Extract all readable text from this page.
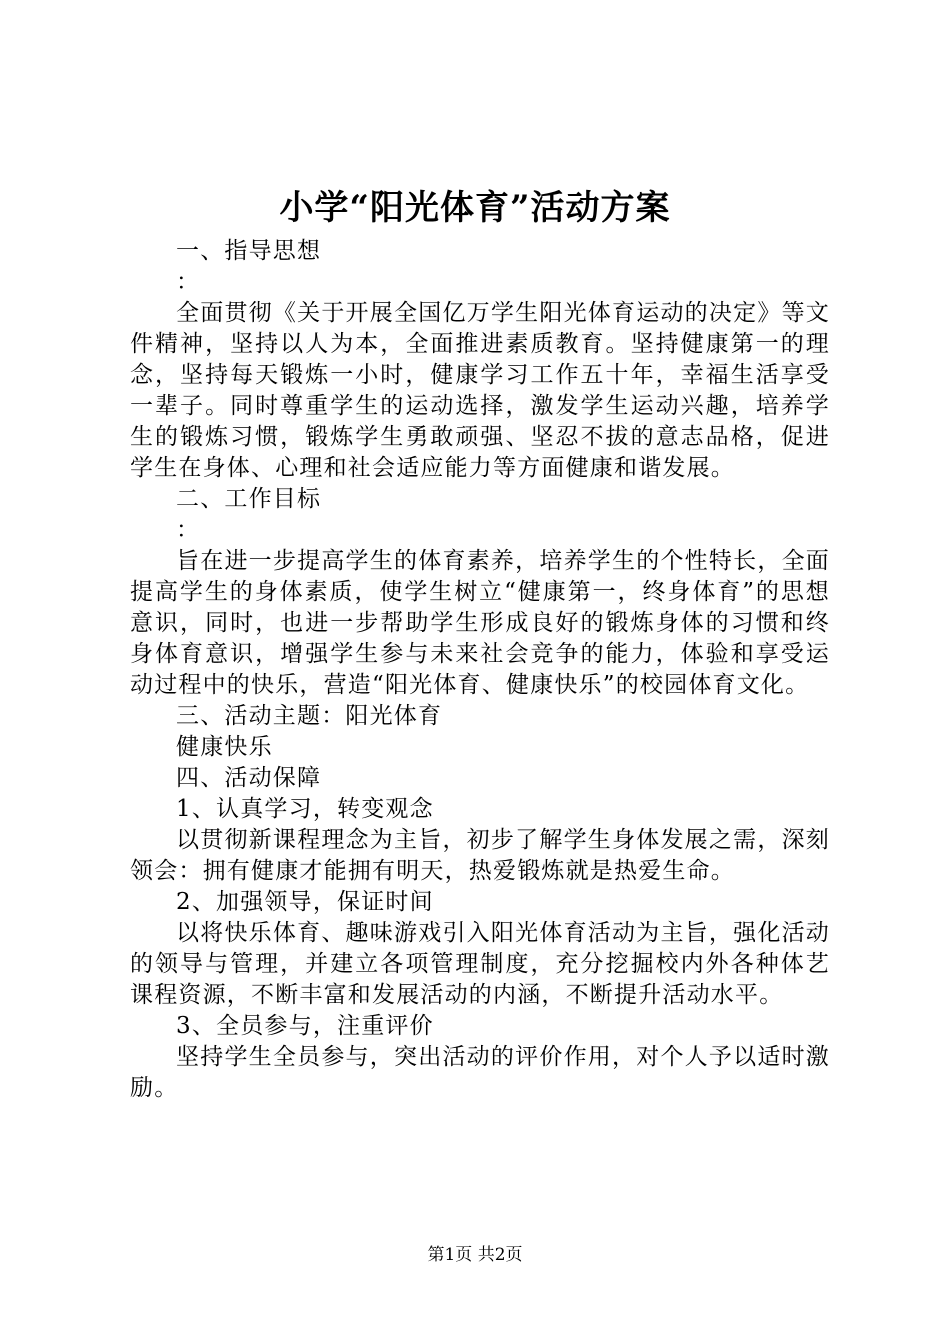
小学“阳光体育”活动方案
一、指导思想
：
全面贯彻《关于开展全国亿万学生阳光体育运动的决定》等文件精神，坚持以人为本，全面推进素质教育。坚持健康第一的理念，坚持每天锻炼一小时，健康学习工作五十年，幸福生活享受一辈子。同时尊重学生的运动选择，激发学生运动兴趣，培养学生的锻炼习惯，锻炼学生勇敢顽强、坚忍不拔的意志品格，促进学生在身体、心理和社会适应能力等方面健康和谐发展。
二、工作目标
：
旨在进一步提高学生的体育素养，培养学生的个性特长，全面提高学生的身体素质，使学生树立“健康第一，终身体育”的思想意识，同时，也进一步帮助学生形成良好的锻炼身体的习惯和终身体育意识，增强学生参与未来社会竞争的能力，体验和享受运动过程中的快乐，营造“阳光体育、健康快乐”的校园体育文化。
三、活动主题：阳光体育
健康快乐
四、活动保障
1、认真学习，转变观念
以贯彻新课程理念为主旨，初步了解学生身体发展之需，深刻领会：拥有健康才能拥有明天，热爱锻炼就是热爱生命。
2、加强领导，保证时间
以将快乐体育、趣味游戏引入阳光体育活动为主旨，强化活动的领导与管理，并建立各项管理制度，充分挖掘校内外各种体艺课程资源，不断丰富和发展活动的内涵，不断提升活动水平。
3、全员参与，注重评价
坚持学生全员参与，突出活动的评价作用，对个人予以适时激励。
第1页 共2页
